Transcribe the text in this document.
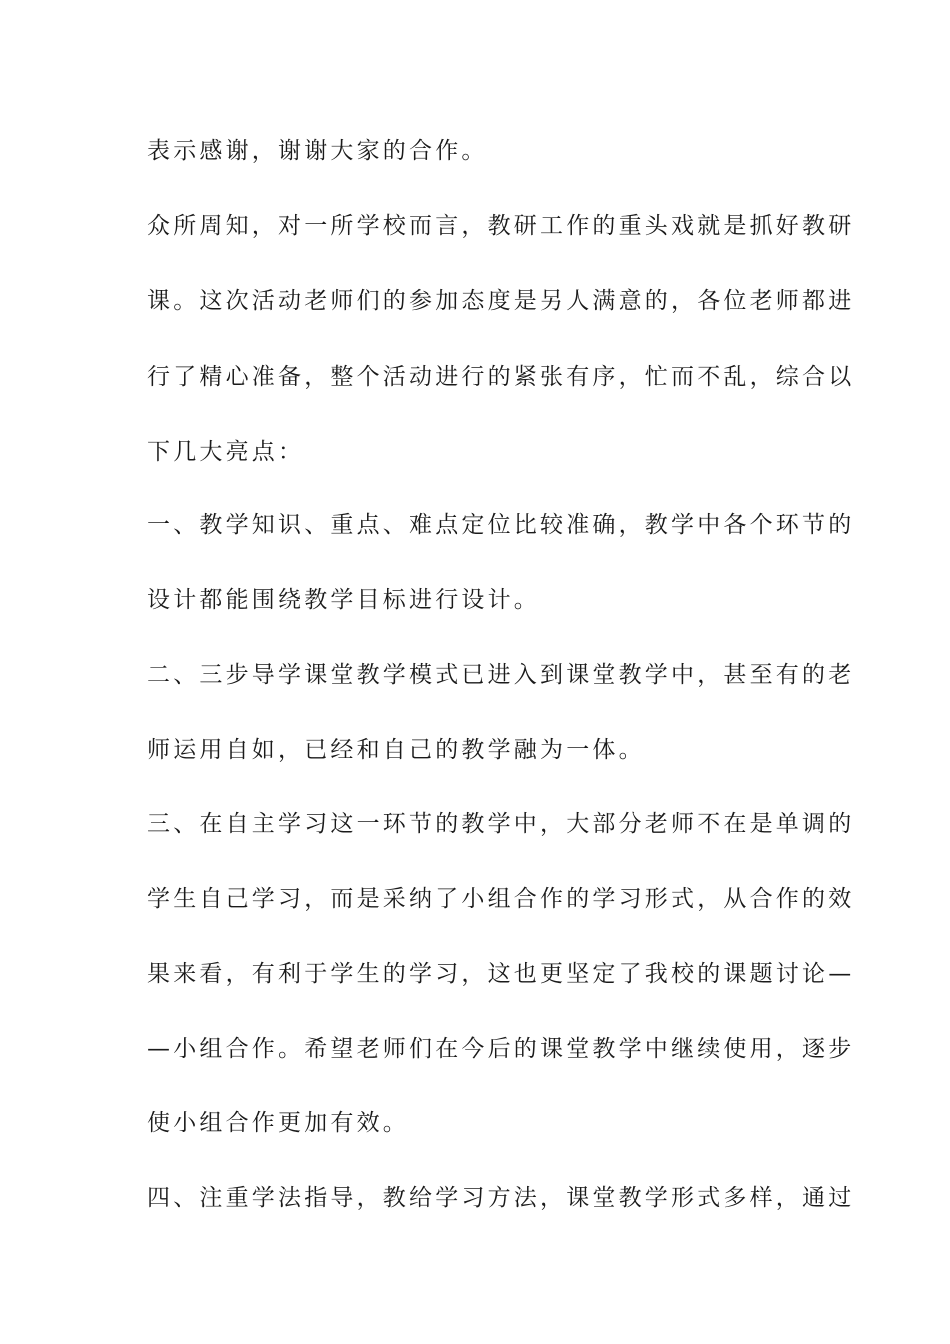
表示感谢，谢谢大家的合作。
众所周知，对一所学校而言，教研工作的重头戏就是抓好教研
课。这次活动老师们的参加态度是另人满意的，各位老师都进
行了精心准备，整个活动进行的紧张有序，忙而不乱，综合以
下几大亮点：
一、教学知识、重点、难点定位比较准确，教学中各个环节的
设计都能围绕教学目标进行设计。
二、三步导学课堂教学模式已进入到课堂教学中，甚至有的老
师运用自如，已经和自己的教学融为一体。
三、在自主学习这一环节的教学中，大部分老师不在是单调的
学生自己学习，而是采纳了小组合作的学习形式，从合作的效
果来看，有利于学生的学习，这也更坚定了我校的课题讨论—
—小组合作。希望老师们在今后的课堂教学中继续使用，逐步
使小组合作更加有效。
四、注重学法指导，教给学习方法，课堂教学形式多样，通过
